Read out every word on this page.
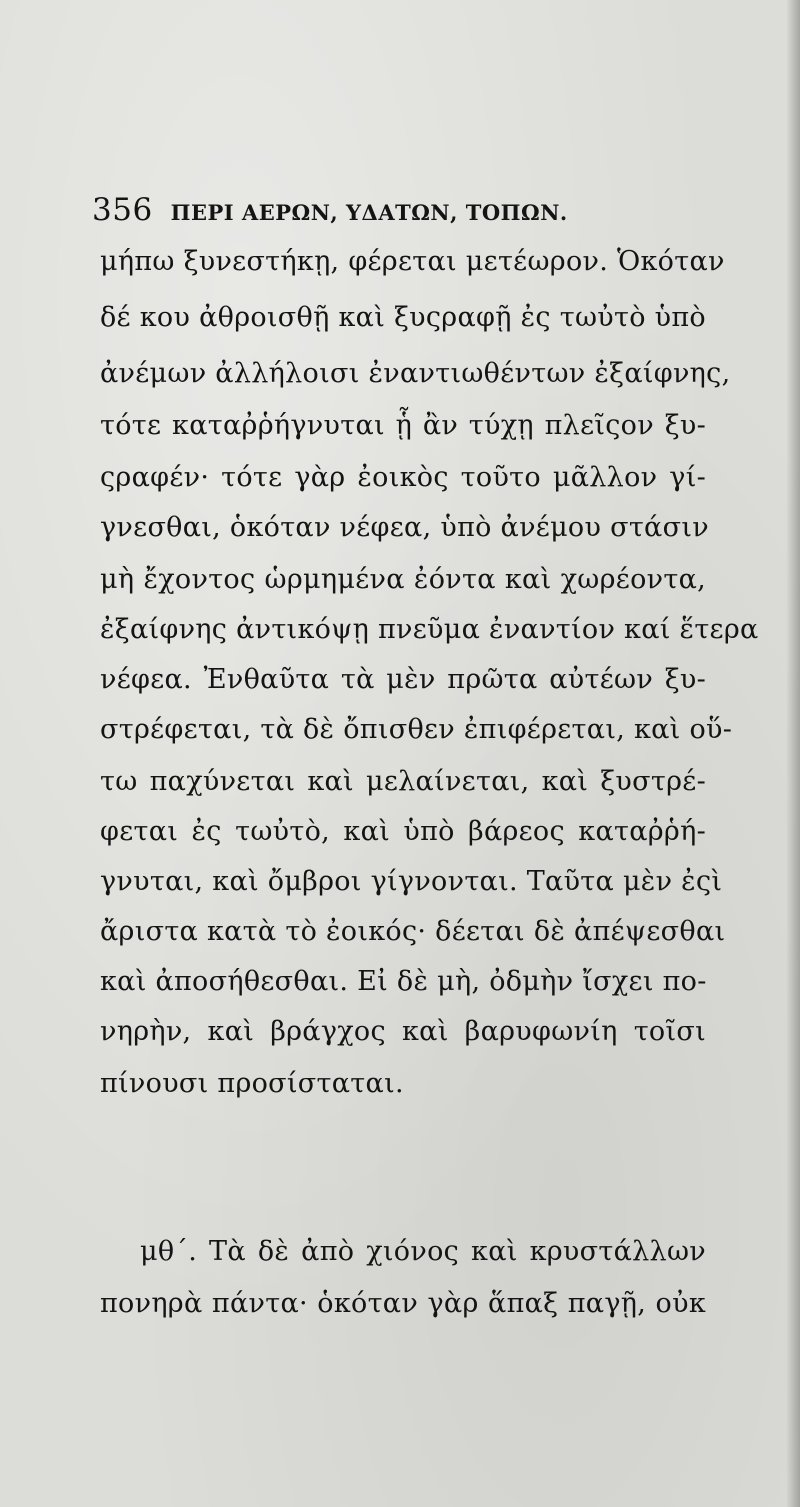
356 ΠΕΡΙ ΑΕΡΩΝ, ΥΔΑΤΩΝ, ΤΟΠΩΝ.
μήπω ξυνεστήκῃ, φέρεται μετέωρον. Ὁκόταν
δέ κου ἀθροισθῇ καὶ ξυςραφῇ ἐς τωὐτὸ ὑπὸ
ἀνέμων ἀλλήλοισι ἐναντιωθέντων ἐξαίφνης,
τότε καταῤῥήγνυται ᾗ ἂν τύχῃ πλεῖςον ξυ-
ςραφέν· τότε γὰρ ἐοικὸς τοῦτο μᾶλλον γί-
γνεσθαι, ὁκόταν νέφεα, ὑπὸ ἀνέμου στάσιν
μὴ ἔχοντος ὡρμημένα ἐόντα καὶ χωρέοντα,
ἐξαίφνης ἀντικόψῃ πνεῦμα ἐναντίον καί ἕτερα
νέφεα. Ἐνθαῦτα τὰ μὲν πρῶτα αὐτέων ξυ-
στρέφεται, τὰ δὲ ὄπισθεν ἐπιφέρεται, καὶ οὕ-
τω παχύνεται καὶ μελαίνεται, καὶ ξυστρέ-
φεται ἐς τωὐτὸ, καὶ ὑπὸ βάρεος καταῤῥή-
γνυται, καὶ ὄμβροι γίγνονται. Ταῦτα μὲν ἐςὶ
ἄριστα κατὰ τὸ ἐοικός· δέεται δὲ ἀπέψεσθαι
καὶ ἀποσήθεσθαι. Εἰ δὲ μὴ, ὀδμὴν ἴσχει πο-
νηρὴν, καὶ βράγχος καὶ βαρυφωνίη τοῖσι
πίνουσι προσίσταται.
μθ΄. Τὰ δὲ ἀπὸ χιόνος καὶ κρυστάλλων
πονηρὰ πάντα· ὁκόταν γὰρ ἅπαξ παγῇ, οὐκ
